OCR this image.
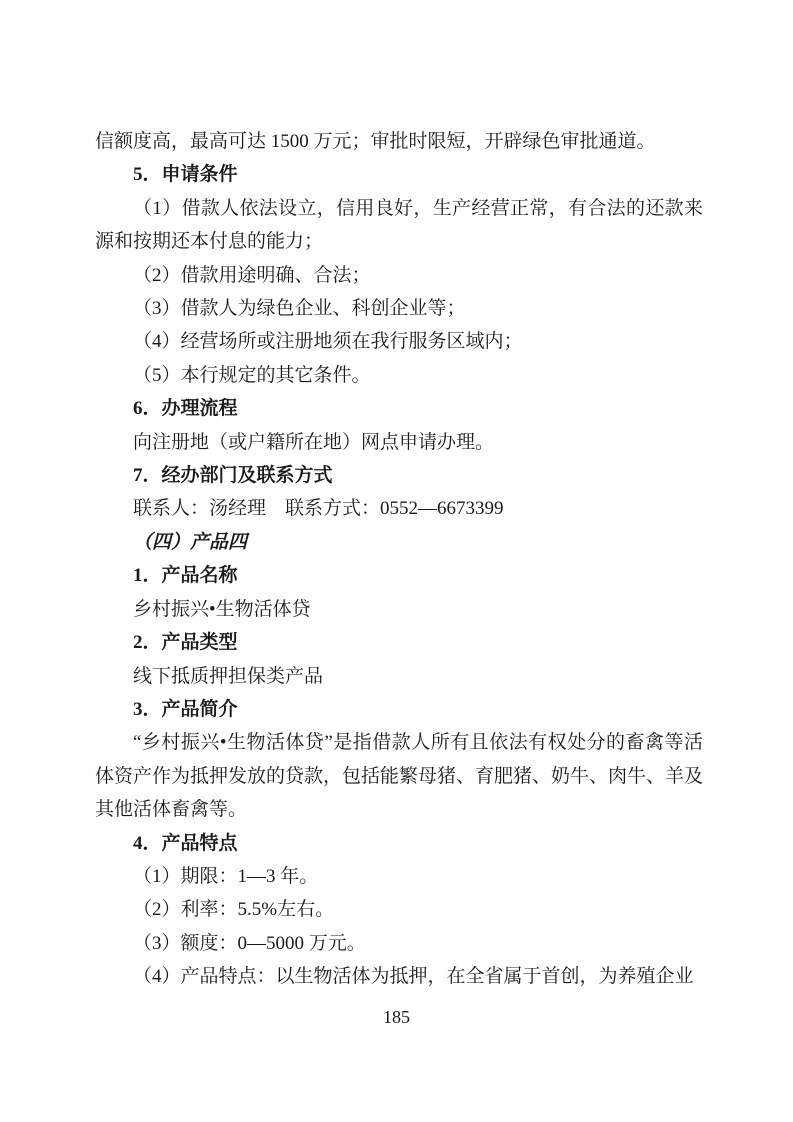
信额度高，最高可达 1500 万元；审批时限短，开辟绿色审批通道。

5．申请条件

（1）借款人依法设立，信用良好，生产经营正常，有合法的还款来源和按期还本付息的能力；

（2）借款用途明确、合法；

（3）借款人为绿色企业、科创企业等；

（4）经营场所或注册地须在我行服务区域内；

（5）本行规定的其它条件。

6．办理流程

向注册地（或户籍所在地）网点申请办理。

7．经办部门及联系方式

联系人：汤经理　联系方式：0552—6673399

（四）产品四

1．产品名称

乡村振兴•生物活体贷

2．产品类型

线下抵质押担保类产品

3．产品简介

“乡村振兴•生物活体贷”是指借款人所有且依法有权处分的畜禽等活体资产作为抵押发放的贷款，包括能繁母猪、育肥猪、奶牛、肉牛、羊及其他活体畜禽等。

4．产品特点

（1）期限：1—3 年。

（2）利率：5.5%左右。

（3）额度：0—5000 万元。

（4）产品特点：以生物活体为抵押，在全省属于首创，为养殖企业

185
